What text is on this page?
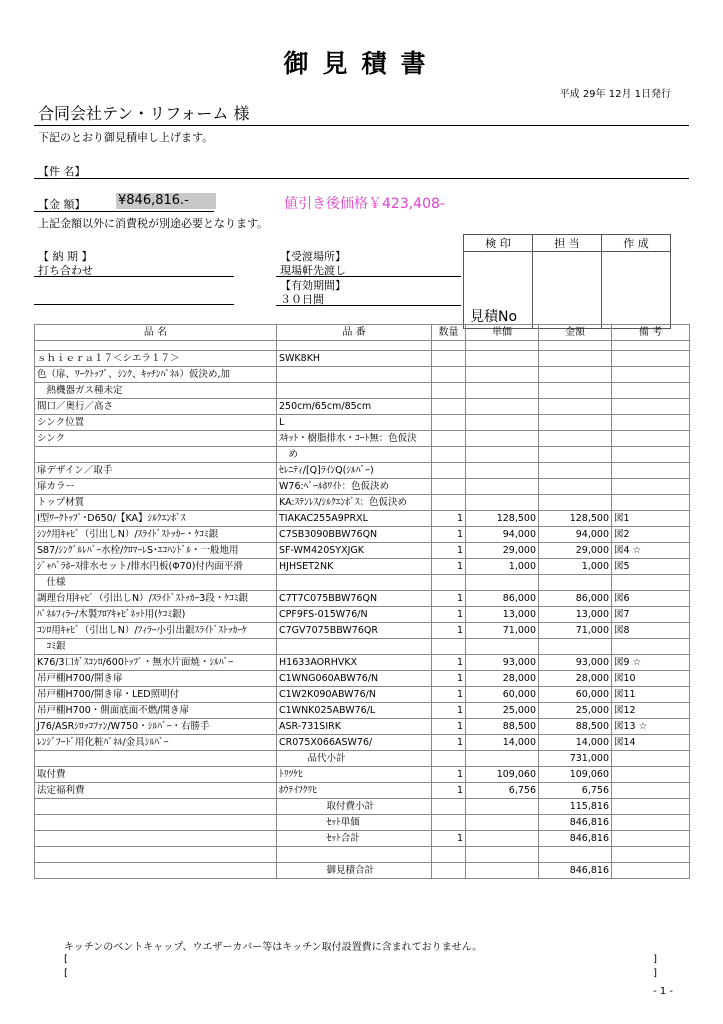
御見積書
平成 29年 12月 1日発行
合同会社テン・リフォーム 様
下記のとおり御見積申し上げます。
【件 名】
【金 額】	¥846,816.-	値引き後価格￥423,408-
上記金額以外に消費税が別途必要となります。
【 納 期 】
打ち合わせ
【受渡場所】
現場軒先渡し
【有効期間】
３０日間
検 印	担 当	作 成

見積No
品 名	品 番	数量	単価	金額	備 考

ｓｈｉｅｒａ１７＜シエラ１７＞	SWK8KH				
色（扉、ﾜｰｸﾄｯﾌﾟ、ｼﾝｸ、ｷｯﾁﾝﾊﾟﾈﾙ）仮決め,加					
　熱機器ガス種未定					
間口／奥行／高さ	250cm/65cm/85cm				
シンク位置	L				
シンク	ｽｷｯﾄ・樹脂排水・ｺｰﾄ無：色仮決				
	　め				
扉デザイン／取手	ｾﾚﾆﾃｨ/[Q]ﾗｲﾝQ(ｼﾙﾊﾞｰ)				
扉カラー	W76:ﾍﾟｰﾙﾎﾜｲﾄ：色仮決め				
トップ材質	KA:ｽﾃﾝﾚｽ/ｼﾙｸｴﾝﾎﾞｽ：色仮決め				
I型ﾜｰｸﾄｯﾌﾟ･D650/【KA】ｼﾙｸｴﾝﾎﾞｽ	TIAKAC255A9PRXL	1	128,500	128,500	図1
ｼﾝｸ用ｷｬﾋﾞ（引出しN）/ｽﾗｲﾄﾞｽﾄｯｶｰ・ｹｺﾐ銀	C7SB3090BBW76QN	1	94,000	94,000	図2
S87/ｼﾝｸﾞﾙﾚﾊﾞｰ水栓/ｸﾛﾏｰﾚS･ｴｺﾊﾝﾄﾞﾙ・一般地用	SF-WM420SYXJGK	1	29,000	29,000	図4 ☆
ｼﾞｬﾊﾞﾗﾎｰｽ排水セット/排水円板(Φ70)付内面平滑	HJHSET2NK	1	1,000	1,000	図5
　仕様					
調理台用ｷｬﾋﾞ（引出しN）/ｽﾗｲﾄﾞｽﾄｯｶｰ3段・ｹｺﾐ銀	C7T7C075BBW76QN	1	86,000	86,000	図6
ﾊﾟﾈﾙﾌｨﾗｰ/木製ﾌﾛｱｷｬﾋﾞﾈｯﾄ用(ｹｺﾐ銀)	CPF9FS-015W76/N	1	13,000	13,000	図7
ｺﾝﾛ用ｷｬﾋﾞ（引出しN）/ﾌｨﾗｰ小引出銀ｽﾗｲﾄﾞｽﾄｯｶｰｹ	C7GV7075BBW76QR	1	71,000	71,000	図8
　ｺﾐ銀					
K76/3口ｶﾞｽｺﾝﾛ/600ﾄｯﾌﾟ・無水片面焼・ｼﾙﾊﾞｰ	H1633AORHVKX	1	93,000	93,000	図9 ☆
吊戸棚H700/開き扉	C1WNG060ABW76/N	1	28,000	28,000	図10
吊戸棚H700/開き扉・LED照明付	C1W2K090ABW76/N	1	60,000	60,000	図11
吊戸棚H700・側面底面不燃/開き扉	C1WNK025ABW76/L	1	25,000	25,000	図12
J76/ASRｼﾛｯｺﾌｧﾝ/W750・ｼﾙﾊﾞｰ・右勝手	ASR-731SIRK	1	88,500	88,500	図13 ☆
ﾚﾝｼﾞﾌｰﾄﾞ用化粧ﾊﾟﾈﾙ/金具ｼﾙﾊﾞｰ	CR075X066ASW76/	1	14,000	14,000	図14
	　　　品代小計			731,000	
取付費	ﾄﾘﾂｹﾋ	1	109,060	109,060	
法定福利費	ﾎｳﾃｲﾌｸﾘﾋ	1	6,756	6,756	
	　　　　　取付費小計			115,816	
	　　　　　ｾｯﾄ単価			846,816	
	　　　　　ｾｯﾄ合計	1		846,816	

	　　　　　御見積合計			846,816	
キッチンのベントキャップ、ウエザーカバー等はキッチン取付設置費に含まれておりません。
[	]
[	]
- 1 -
